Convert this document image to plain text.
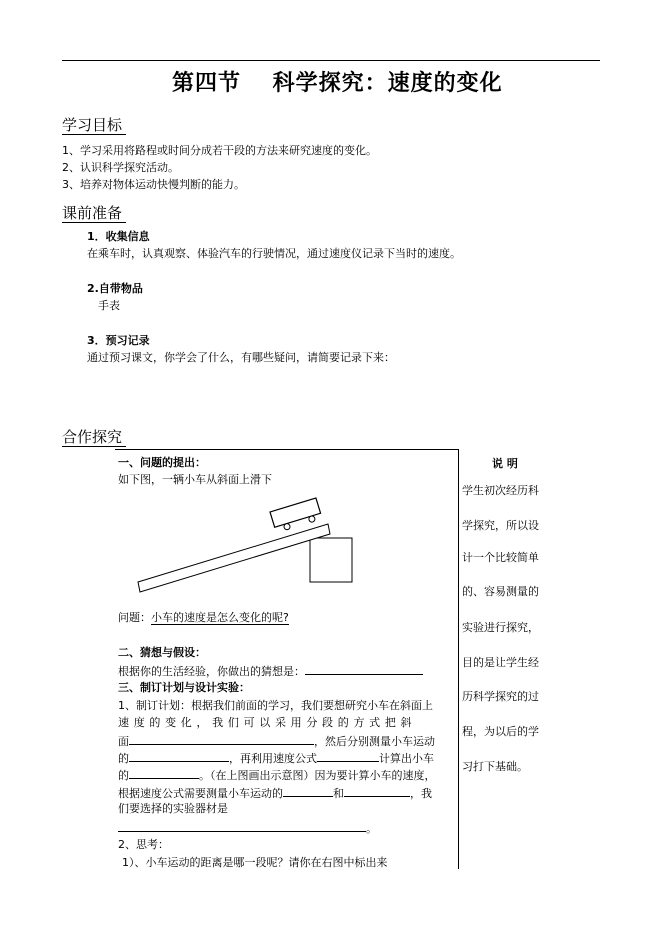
第四节　 科学探究：速度的变化
学习目标
1、学习采用将路程或时间分成若干段的方法来研究速度的变化。
2、认识科学探究活动。
3、培养对物体运动快慢判断的能力。
课前准备
1．收集信息
在乘车时，认真观察、体验汽车的行驶情况，通过速度仪记录下当时的速度。
2.自带物品
手表
3．预习记录
通过预习课文，你学会了什么，有哪些疑问，请简要记录下来：
合作探究
说 明
学生初次经历科
学探究，所以设
计一个比较简单
的、容易测量的
实验进行探究，
目的是让学生经
历科学探究的过
程，为以后的学
习打下基础。
一、问题的提出：
如下图，一辆小车从斜面上滑下
问题：小车的速度是怎么变化的呢?
二、猜想与假设：
根据你的生活经验，你做出的猜想是：
三、制订计划与设计实验：
1、制订计划：根据我们前面的学习，我们要想研究小车在斜面上
速 度 的 变 化 ， 我 们 可 以 采 用 分 段 的 方 式 把 斜
面	，然后分别测量小车运动
的	，再利用速度公式	计算出小车
的	。（在上图画出示意图）因为要计算小车的速度，
根据速度公式需要测量小车运动的	和	，我
们要选择的实验器材是
。
2、思考：
1）、小车运动的距离是哪一段呢？请你在右图中标出来
